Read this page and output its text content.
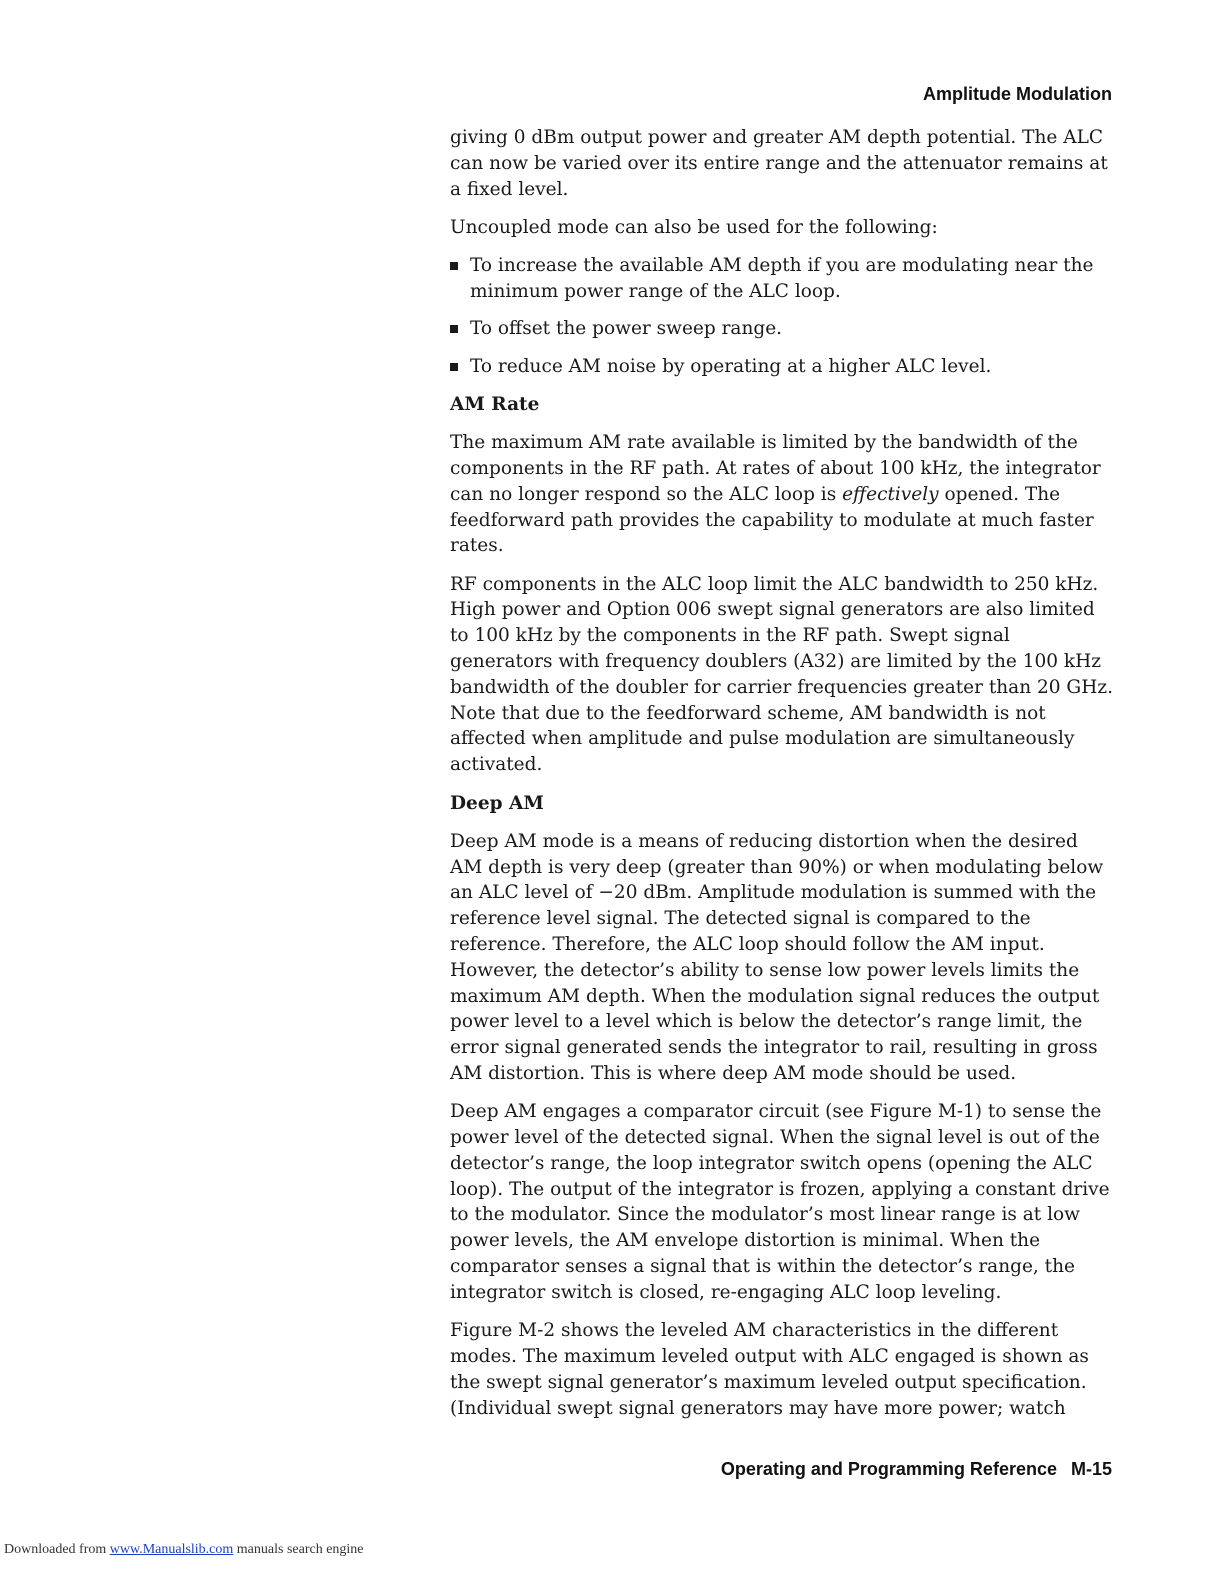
Amplitude Modulation

giving 0 dBm output power and greater AM depth potential. The ALC can now be varied over its entire range and the attenuator remains at a fixed level.

Uncoupled mode can also be used for the following:

To increase the available AM depth if you are modulating near the minimum power range of the ALC loop.
To offset the power sweep range.
To reduce AM noise by operating at a higher ALC level.
AM Rate

The maximum AM rate available is limited by the bandwidth of the components in the RF path. At rates of about 100 kHz, the integrator can no longer respond so the ALC loop is effectively opened. The feedforward path provides the capability to modulate at much faster rates.

RF components in the ALC loop limit the ALC bandwidth to 250 kHz. High power and Option 006 swept signal generators are also limited to 100 kHz by the components in the RF path. Swept signal generators with frequency doublers (A32) are limited by the 100 kHz bandwidth of the doubler for carrier frequencies greater than 20 GHz. Note that due to the feedforward scheme, AM bandwidth is not affected when amplitude and pulse modulation are simultaneously activated.

Deep AM

Deep AM mode is a means of reducing distortion when the desired AM depth is very deep (greater than 90%) or when modulating below an ALC level of −20 dBm. Amplitude modulation is summed with the reference level signal. The detected signal is compared to the reference. Therefore, the ALC loop should follow the AM input. However, the detector’s ability to sense low power levels limits the maximum AM depth. When the modulation signal reduces the output power level to a level which is below the detector’s range limit, the error signal generated sends the integrator to rail, resulting in gross AM distortion. This is where deep AM mode should be used.

Deep AM engages a comparator circuit (see Figure M-1) to sense the power level of the detected signal. When the signal level is out of the detector’s range, the loop integrator switch opens (opening the ALC loop). The output of the integrator is frozen, applying a constant drive to the modulator. Since the modulator’s most linear range is at low power levels, the AM envelope distortion is minimal. When the comparator senses a signal that is within the detector’s range, the integrator switch is closed, re-engaging ALC loop leveling.

Figure M-2 shows the leveled AM characteristics in the different modes. The maximum leveled output with ALC engaged is shown as the swept signal generator’s maximum leveled output specification. (Individual swept signal generators may have more power; watch

Operating and Programming Reference M-15
Downloaded from www.Manualslib.com manuals search engine
